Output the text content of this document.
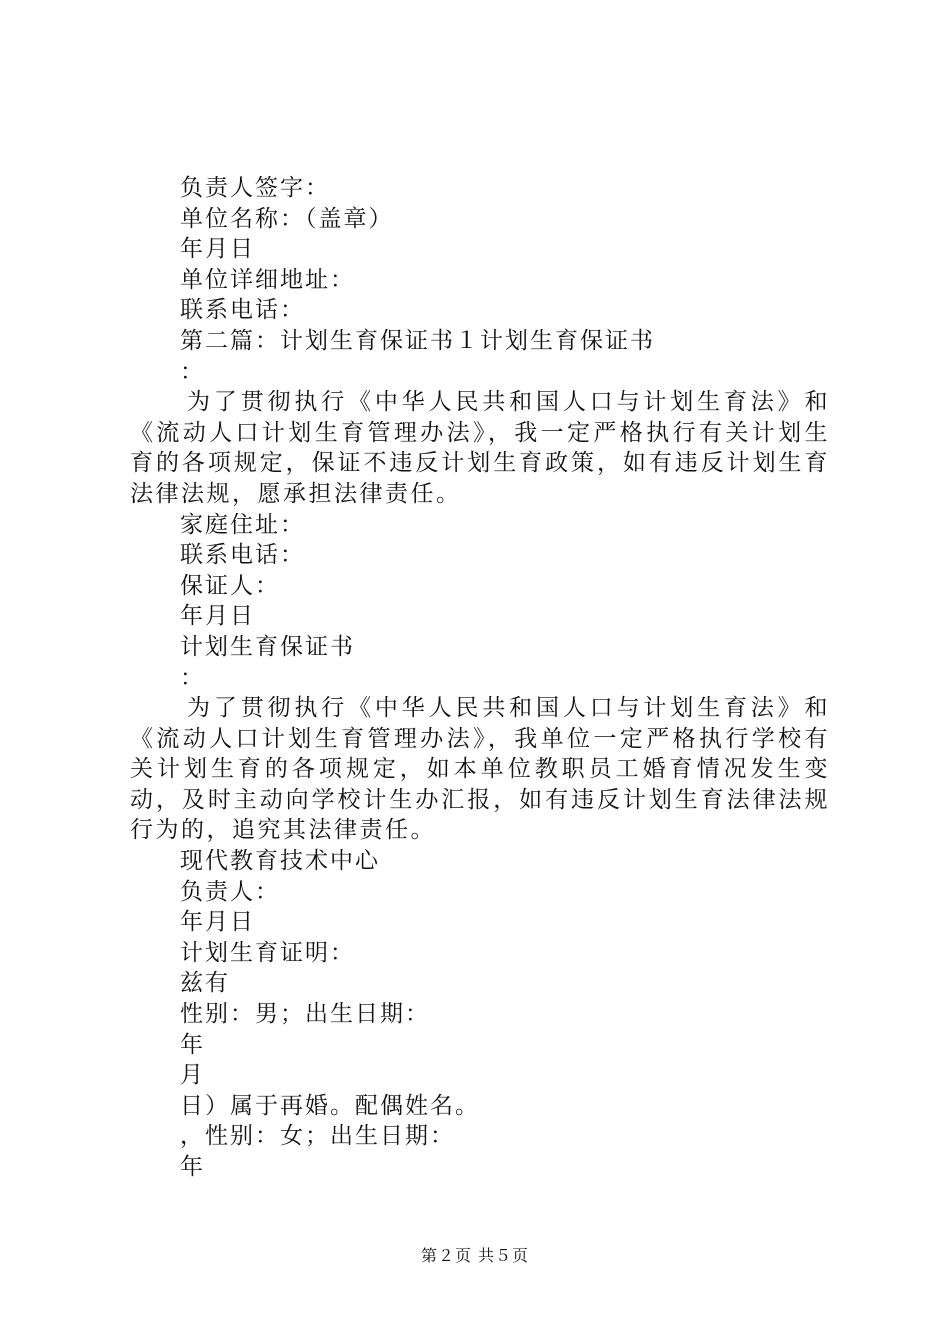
负责人签字：
单位名称：（盖章）
年月日
单位详细地址：
联系电话：
第二篇：计划生育保证书１计划生育保证书
：

为了贯彻执行《中华人民共和国人口与计划生育法》和《流动人口计划生育管理办法》，我一定严格执行有关计划生育的各项规定，保证不违反计划生育政策，如有违反计划生育法律法规，愿承担法律责任。

家庭住址：
联系电话：
保证人：
年月日
计划生育保证书
：

为了贯彻执行《中华人民共和国人口与计划生育法》和《流动人口计划生育管理办法》，我单位一定严格执行学校有关计划生育的各项规定，如本单位教职员工婚育情况发生变动，及时主动向学校计生办汇报，如有违反计划生育法律法规行为的，追究其法律责任。

现代教育技术中心
负责人：
年月日
计划生育证明：
兹有
性别：男；出生日期：
年
月
日）属于再婚。配偶姓名。
，性别：女；出生日期：
年
第２页 共５页
